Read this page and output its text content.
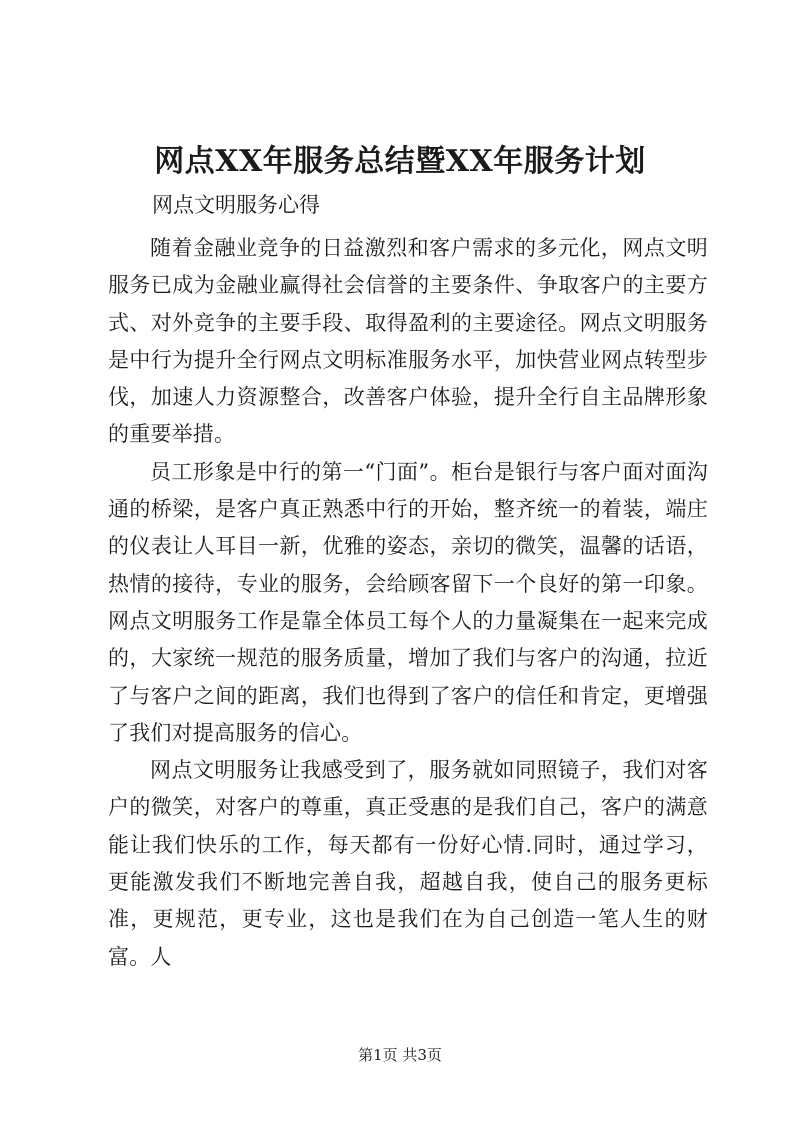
网点XX年服务总结暨XX年服务计划
网点文明服务心得

随着金融业竞争的日益激烈和客户需求的多元化，网点文明服务已成为金融业赢得社会信誉的主要条件、争取客户的主要方式、对外竞争的主要手段、取得盈利的主要途径。网点文明服务是中行为提升全行网点文明标准服务水平，加快营业网点转型步伐，加速人力资源整合，改善客户体验，提升全行自主品牌形象的重要举措。

员工形象是中行的第一“门面”。柜台是银行与客户面对面沟通的桥梁，是客户真正熟悉中行的开始，整齐统一的着装，端庄的仪表让人耳目一新，优雅的姿态，亲切的微笑，温馨的话语，热情的接待，专业的服务，会给顾客留下一个良好的第一印象。网点文明服务工作是靠全体员工每个人的力量凝集在一起来完成的，大家统一规范的服务质量，增加了我们与客户的沟通，拉近了与客户之间的距离，我们也得到了客户的信任和肯定，更增强了我们对提高服务的信心。

网点文明服务让我感受到了，服务就如同照镜子，我们对客户的微笑，对客户的尊重，真正受惠的是我们自己，客户的满意能让我们快乐的工作，每天都有一份好心情.同时，通过学习，更能激发我们不断地完善自我，超越自我，使自己的服务更标准，更规范，更专业，这也是我们在为自己创造一笔人生的财富。人

第1页 共3页
